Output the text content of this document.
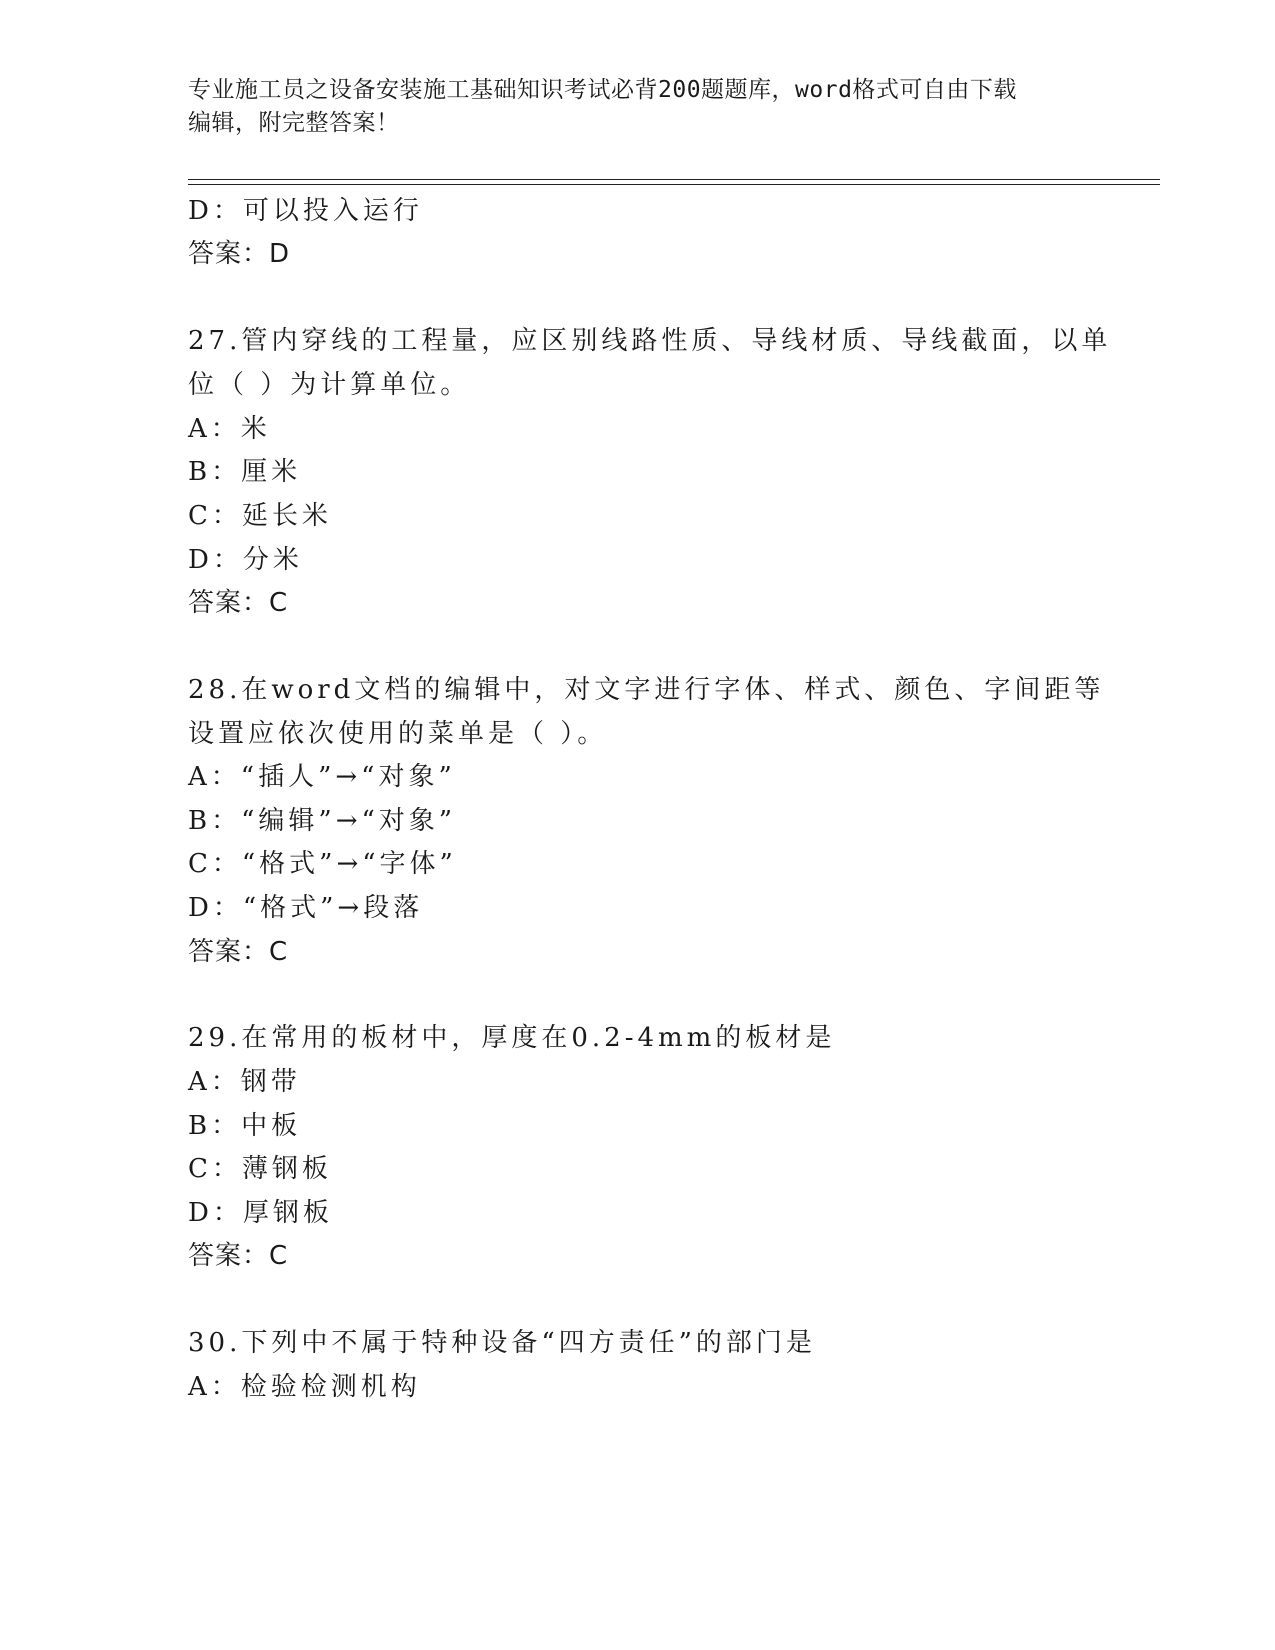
专业施工员之设备安装施工基础知识考试必背200题题库，word格式可自由下载
编辑，附完整答案！
D：可以投入运行
答案：D
27.管内穿线的工程量，应区别线路性质、导线材质、导线截面，以单
位（ ）为计算单位。
A：米
B：厘米
C：延长米
D：分米
答案：C
28.在word文档的编辑中，对文字进行字体、样式、颜色、字间距等
设置应依次使用的菜单是（ ）。
A：“插人”→“对象”
B：“编辑”→“对象”
C：“格式”→“字体”
D：“格式”→段落
答案：C
29.在常用的板材中，厚度在0.2-4mm的板材是
A：钢带
B：中板
C：薄钢板
D：厚钢板
答案：C
30.下列中不属于特种设备“四方责任”的部门是
A：检验检测机构
